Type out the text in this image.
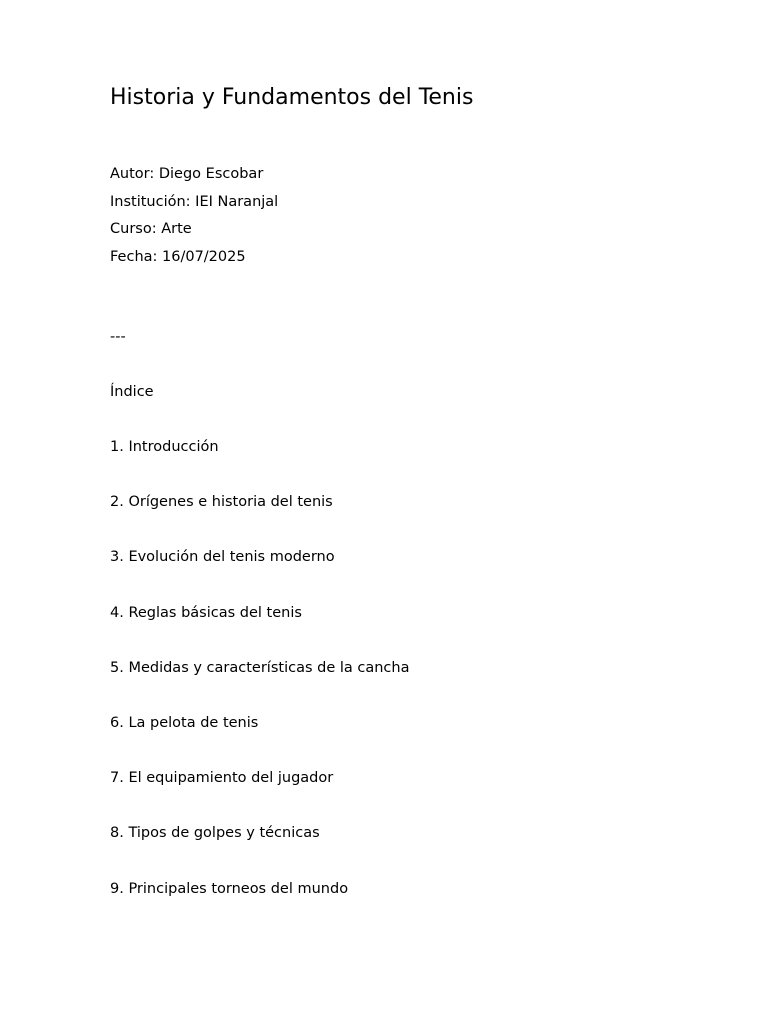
Historia y Fundamentos del Tenis
Autor: Diego Escobar
Institución: IEI Naranjal
Curso: Arte
Fecha: 16/07/2025
---
Índice
1. Introducción
2. Orígenes e historia del tenis
3. Evolución del tenis moderno
4. Reglas básicas del tenis
5. Medidas y características de la cancha
6. La pelota de tenis
7. El equipamiento del jugador
8. Tipos de golpes y técnicas
9. Principales torneos del mundo
